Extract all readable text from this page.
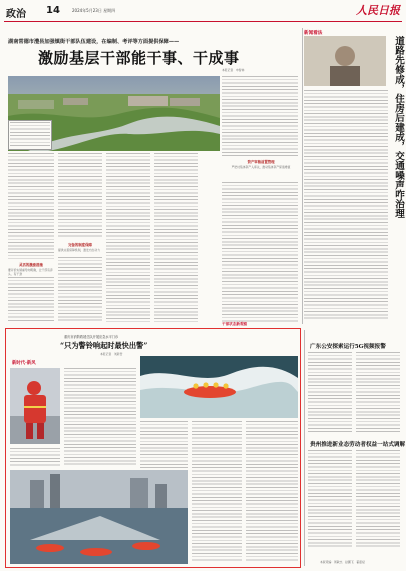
政治 14	2024年5月23日 星期四	人民日报
湖南常德市澧县加强镇街干部队伍建设，在编制、考评等方面提供保障——
激励基层干部能干事、干成事
本报记者　申智林
资产审核前置管理
严把村集体资产入库关，推动集体资产保值增值
灵活的激励措施
要评价实绩重导向明确，让干部有奔头、有干劲
完备的制度保障
提供完善保障机制，激发内生动力
新闻看法
道路先修成，住房后建成，交通噪声咋治理
干部状态新观察
重庆市消防救援总队开展应急水平门诊
“只为警铃响起时最快出警”
本报记者　刘新吾
新时代·新风
广东公安探索运行5G视频报警
贵州推进新业态劳动者权益一站式调解
本版责编：周敏杰　赵鹏飞　翟嘉斌
